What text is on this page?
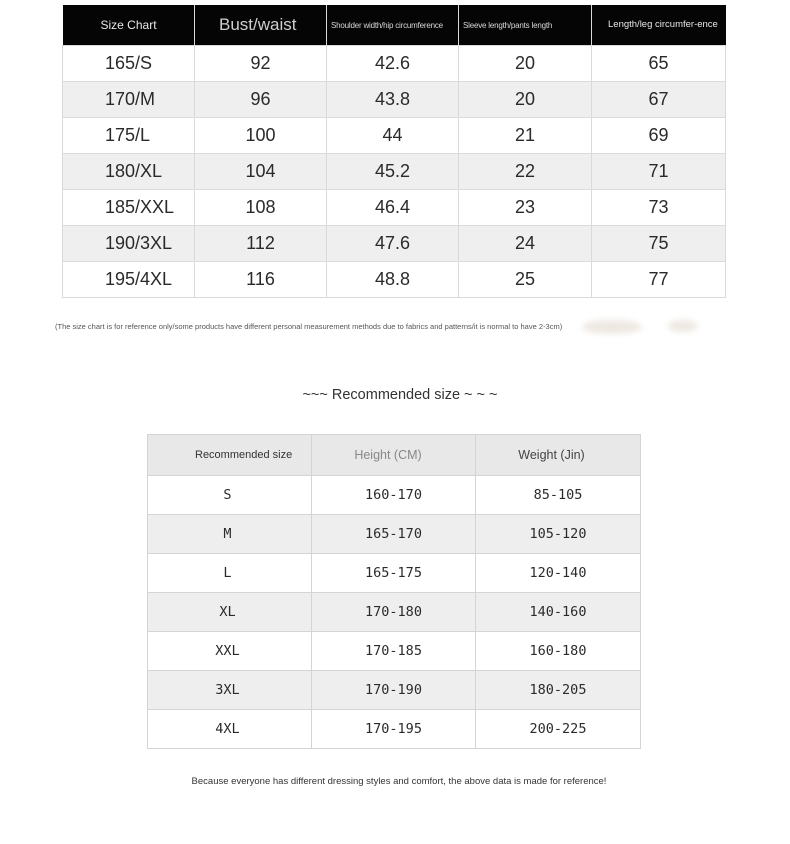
Size Chart	Bust/waist	Shoulder width/hip circumference	Sleeve length/pants length	Length/leg circumfer-ence
165/S	92	42.6	20	65
170/M	96	43.8	20	67
175/L	100	44	21	69
180/XL	104	45.2	22	71
185/XXL	108	46.4	23	73
190/3XL	112	47.6	24	75
195/4XL	116	48.8	25	77
(The size chart is for reference only/some products have different personal measurement methods due to fabrics and patterns/it is normal to have 2-3cm)
~~~ Recommended size ~ ~ ~
Recommended size	Height (CM)	Weight (Jin)
S	160-170	85-105
M	165-170	105-120
L	165-175	120-140
XL	170-180	140-160
XXL	170-185	160-180
3XL	170-190	180-205
4XL	170-195	200-225
Because everyone has different dressing styles and comfort, the above data is made for reference!
